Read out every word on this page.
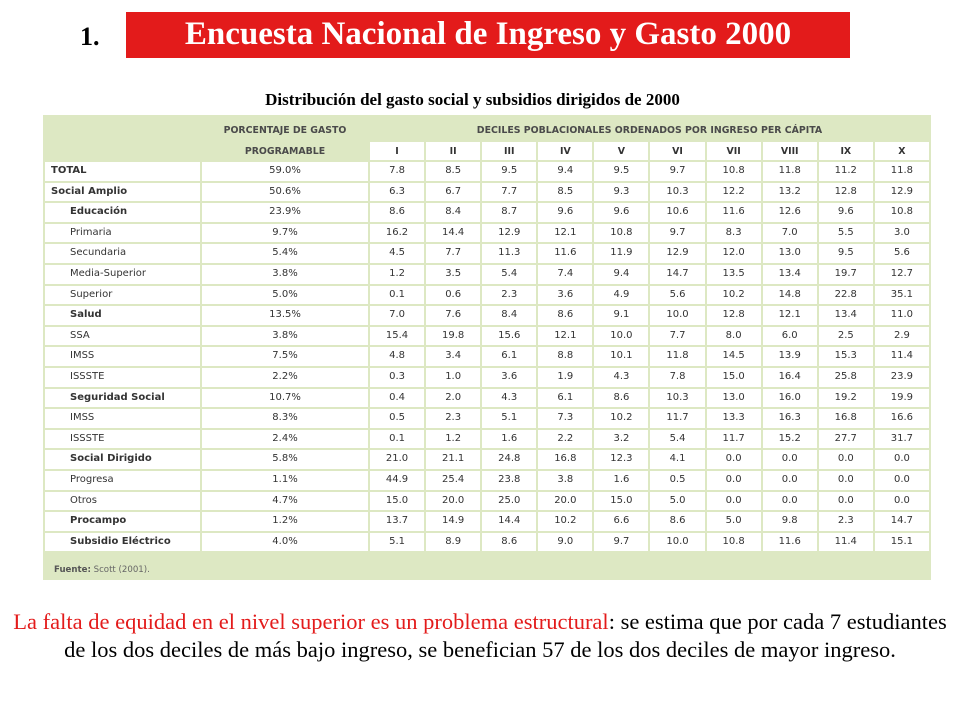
1.	Encuesta Nacional de Ingreso y Gasto 2000
Distribución del gasto social y subsidios dirigidos de 2000
	PORCENTAJE DE GASTO	DECILES POBLACIONALES ORDENADOS POR INGRESO PER CÁPITA									
	PROGRAMABLE	I	II	III	IV	V	VI	VII	VIII	IX	X
TOTAL	59.0%	7.8	8.5	9.5	9.4	9.5	9.7	10.8	11.8	11.2	11.8
Social Amplio	50.6%	6.3	6.7	7.7	8.5	9.3	10.3	12.2	13.2	12.8	12.9
Educación	23.9%	8.6	8.4	8.7	9.6	9.6	10.6	11.6	12.6	9.6	10.8
Primaria	9.7%	16.2	14.4	12.9	12.1	10.8	9.7	8.3	7.0	5.5	3.0
Secundaria	5.4%	4.5	7.7	11.3	11.6	11.9	12.9	12.0	13.0	9.5	5.6
Media-Superior	3.8%	1.2	3.5	5.4	7.4	9.4	14.7	13.5	13.4	19.7	12.7
Superior	5.0%	0.1	0.6	2.3	3.6	4.9	5.6	10.2	14.8	22.8	35.1
Salud	13.5%	7.0	7.6	8.4	8.6	9.1	10.0	12.8	12.1	13.4	11.0
SSA	3.8%	15.4	19.8	15.6	12.1	10.0	7.7	8.0	6.0	2.5	2.9
IMSS	7.5%	4.8	3.4	6.1	8.8	10.1	11.8	14.5	13.9	15.3	11.4
ISSSTE	2.2%	0.3	1.0	3.6	1.9	4.3	7.8	15.0	16.4	25.8	23.9
Seguridad Social	10.7%	0.4	2.0	4.3	6.1	8.6	10.3	13.0	16.0	19.2	19.9
IMSS	8.3%	0.5	2.3	5.1	7.3	10.2	11.7	13.3	16.3	16.8	16.6
ISSSTE	2.4%	0.1	1.2	1.6	2.2	3.2	5.4	11.7	15.2	27.7	31.7
Social Dirigido	5.8%	21.0	21.1	24.8	16.8	12.3	4.1	0.0	0.0	0.0	0.0
Progresa	1.1%	44.9	25.4	23.8	3.8	1.6	0.5	0.0	0.0	0.0	0.0
Otros	4.7%	15.0	20.0	25.0	20.0	15.0	5.0	0.0	0.0	0.0	0.0
Procampo	1.2%	13.7	14.9	14.4	10.2	6.6	8.6	5.0	9.8	2.3	14.7
Subsidio Eléctrico	4.0%	5.1	8.9	8.6	9.0	9.7	10.0	10.8	11.6	11.4	15.1
Fuente: Scott (2001).
La falta de equidad en el nivel superior es un problema estructural: se estima que por cada 7 estudiantes de los dos deciles de más bajo ingreso, se benefician 57 de los dos deciles de mayor ingreso.
